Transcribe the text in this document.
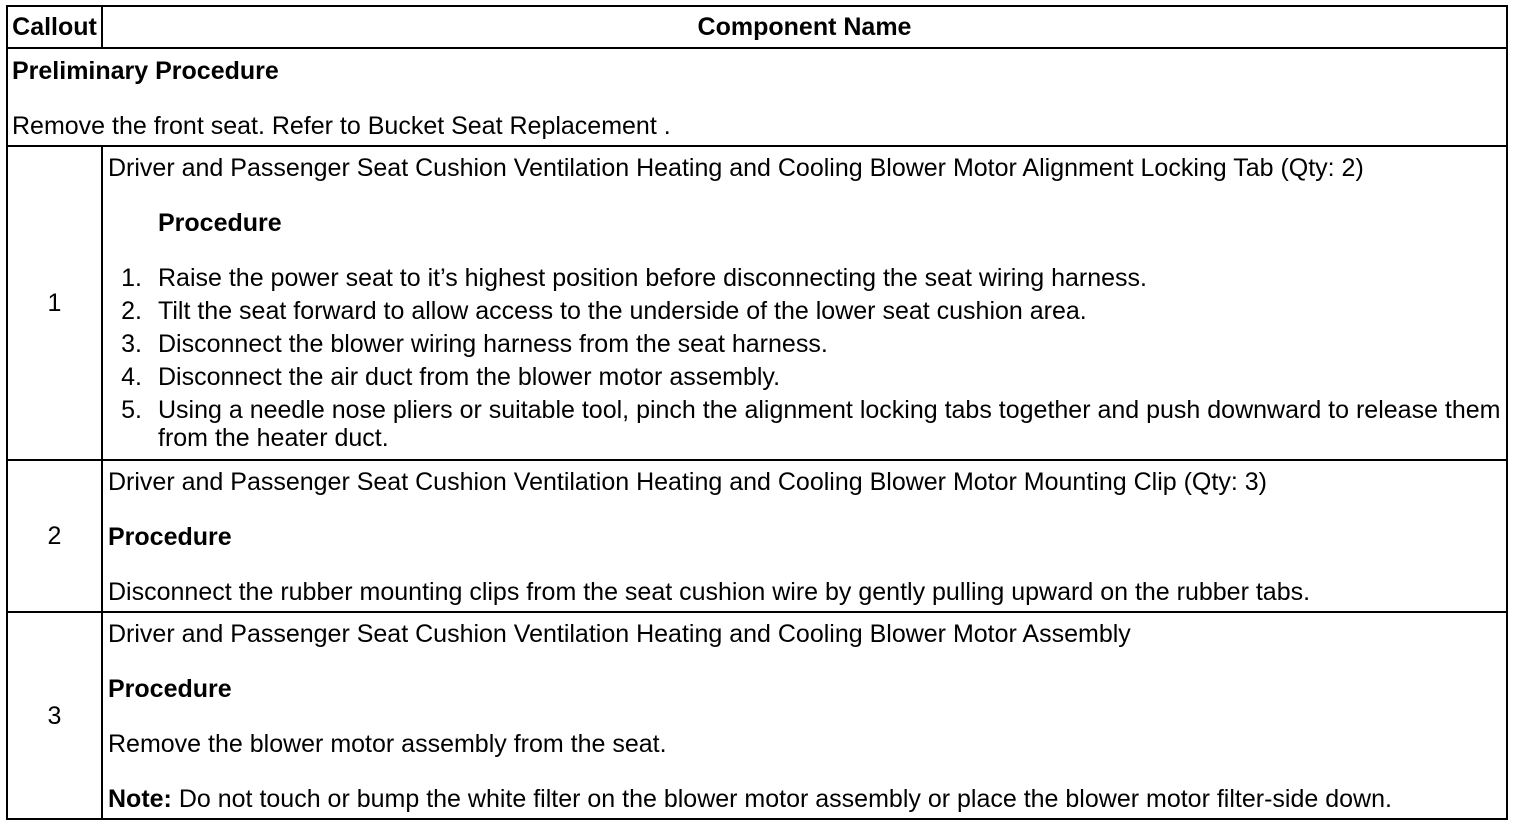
Callout	Component Name
Preliminary Procedure
Remove the front seat. Refer to Bucket Seat Replacement .
1
Driver and Passenger Seat Cushion Ventilation Heating and Cooling Blower Motor Alignment Locking Tab (Qty: 2)
Procedure
1. Raise the power seat to it’s highest position before disconnecting the seat wiring harness.
2. Tilt the seat forward to allow access to the underside of the lower seat cushion area.
3. Disconnect the blower wiring harness from the seat harness.
4. Disconnect the air duct from the blower motor assembly.
5. Using a needle nose pliers or suitable tool, pinch the alignment locking tabs together and push downward to release them from the heater duct.
2
Driver and Passenger Seat Cushion Ventilation Heating and Cooling Blower Motor Mounting Clip (Qty: 3)
Procedure
Disconnect the rubber mounting clips from the seat cushion wire by gently pulling upward on the rubber tabs.
3
Driver and Passenger Seat Cushion Ventilation Heating and Cooling Blower Motor Assembly
Procedure
Remove the blower motor assembly from the seat.
Note: Do not touch or bump the white filter on the blower motor assembly or place the blower motor filter-side down.
